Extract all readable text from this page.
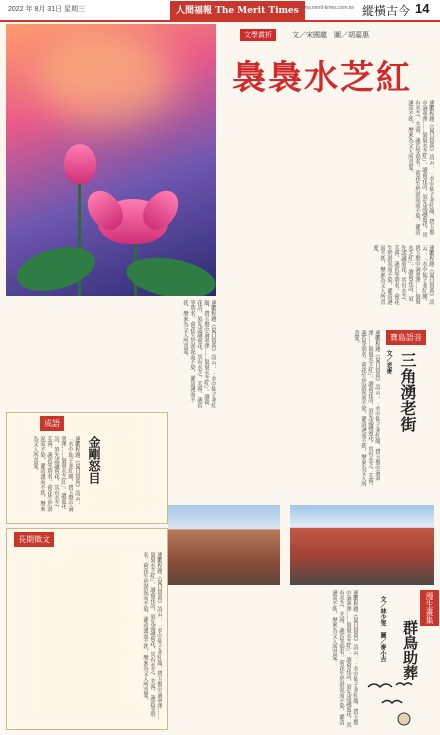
2022 年 8月 31日 星期三	人間福報 The Merit Times www.merit-times.com.tw 縱橫古今 14
文學賞析	文／宋國龍　圖／胡嘉惠
裊裊水芝紅
連鵬程題《夏日賞荷》詩云：「水中仙子並紅顏，碧玉盤中滴翠澤……裊裊水芝紅」。讀荷花詩，須先認識荷花，其有水芝、芙蓉、菡萏等別名。荷花生於淤泥而不染，濯清漣而不妖，歷來為文人所喜愛。
連鵬程題《夏日賞荷》詩云：「水中仙子並紅顏，碧玉盤中滴翠澤……裊裊水芝紅」。讀荷花詩，須先認識荷花，其有水芝、芙蓉、菡萏等別名。荷花生於淤泥而不染，濯清漣而不妖，歷來為文人所喜愛。
連鵬程題《夏日賞荷》詩云：「水中仙子並紅顏，碧玉盤中滴翠澤……裊裊水芝紅」。讀荷花詩，須先認識荷花，其有水芝、芙蓉、菡萏等別名。荷花生於淤泥而不染，濯清漣而不妖，歷來為文人所喜愛。	寶島語音
三角湧老街
文／老麥
連鵬程題《夏日賞荷》詩云：「水中仙子並紅顏，碧玉盤中滴翠澤……裊裊水芝紅」。讀荷花詩，須先認識荷花，其有水芝、芙蓉、菡萏等別名。荷花生於淤泥而不染，濯清漣而不妖，歷來為文人所喜愛。
成語
金剛怒目
連鵬程題《夏日賞荷》詩云：「水中仙子並紅顏，碧玉盤中滴翠澤……裊裊水芝紅」。讀荷花詩，須先認識荷花，其有水芝、芙蓉、菡萏等別名。荷花生於淤泥而不染，濯清漣而不妖，歷來為文人所喜愛。
長期徵文
連鵬程題《夏日賞荷》詩云：「水中仙子並紅顏，碧玉盤中滴翠澤……裊裊水芝紅」。讀荷花詩，須先認識荷花，其有水芝、芙蓉、菡萏等別名。荷花生於淤泥而不染，濯清漣而不妖，歷來為文人所喜愛。	漫生畫集
群鳥助葬
文／林少雯　圖／麥小吉
連鵬程題《夏日賞荷》詩云：「水中仙子並紅顏，碧玉盤中滴翠澤……裊裊水芝紅」。讀荷花詩，須先認識荷花，其有水芝、芙蓉、菡萏等別名。荷花生於淤泥而不染，濯清漣而不妖，歷來為文人所喜愛。
